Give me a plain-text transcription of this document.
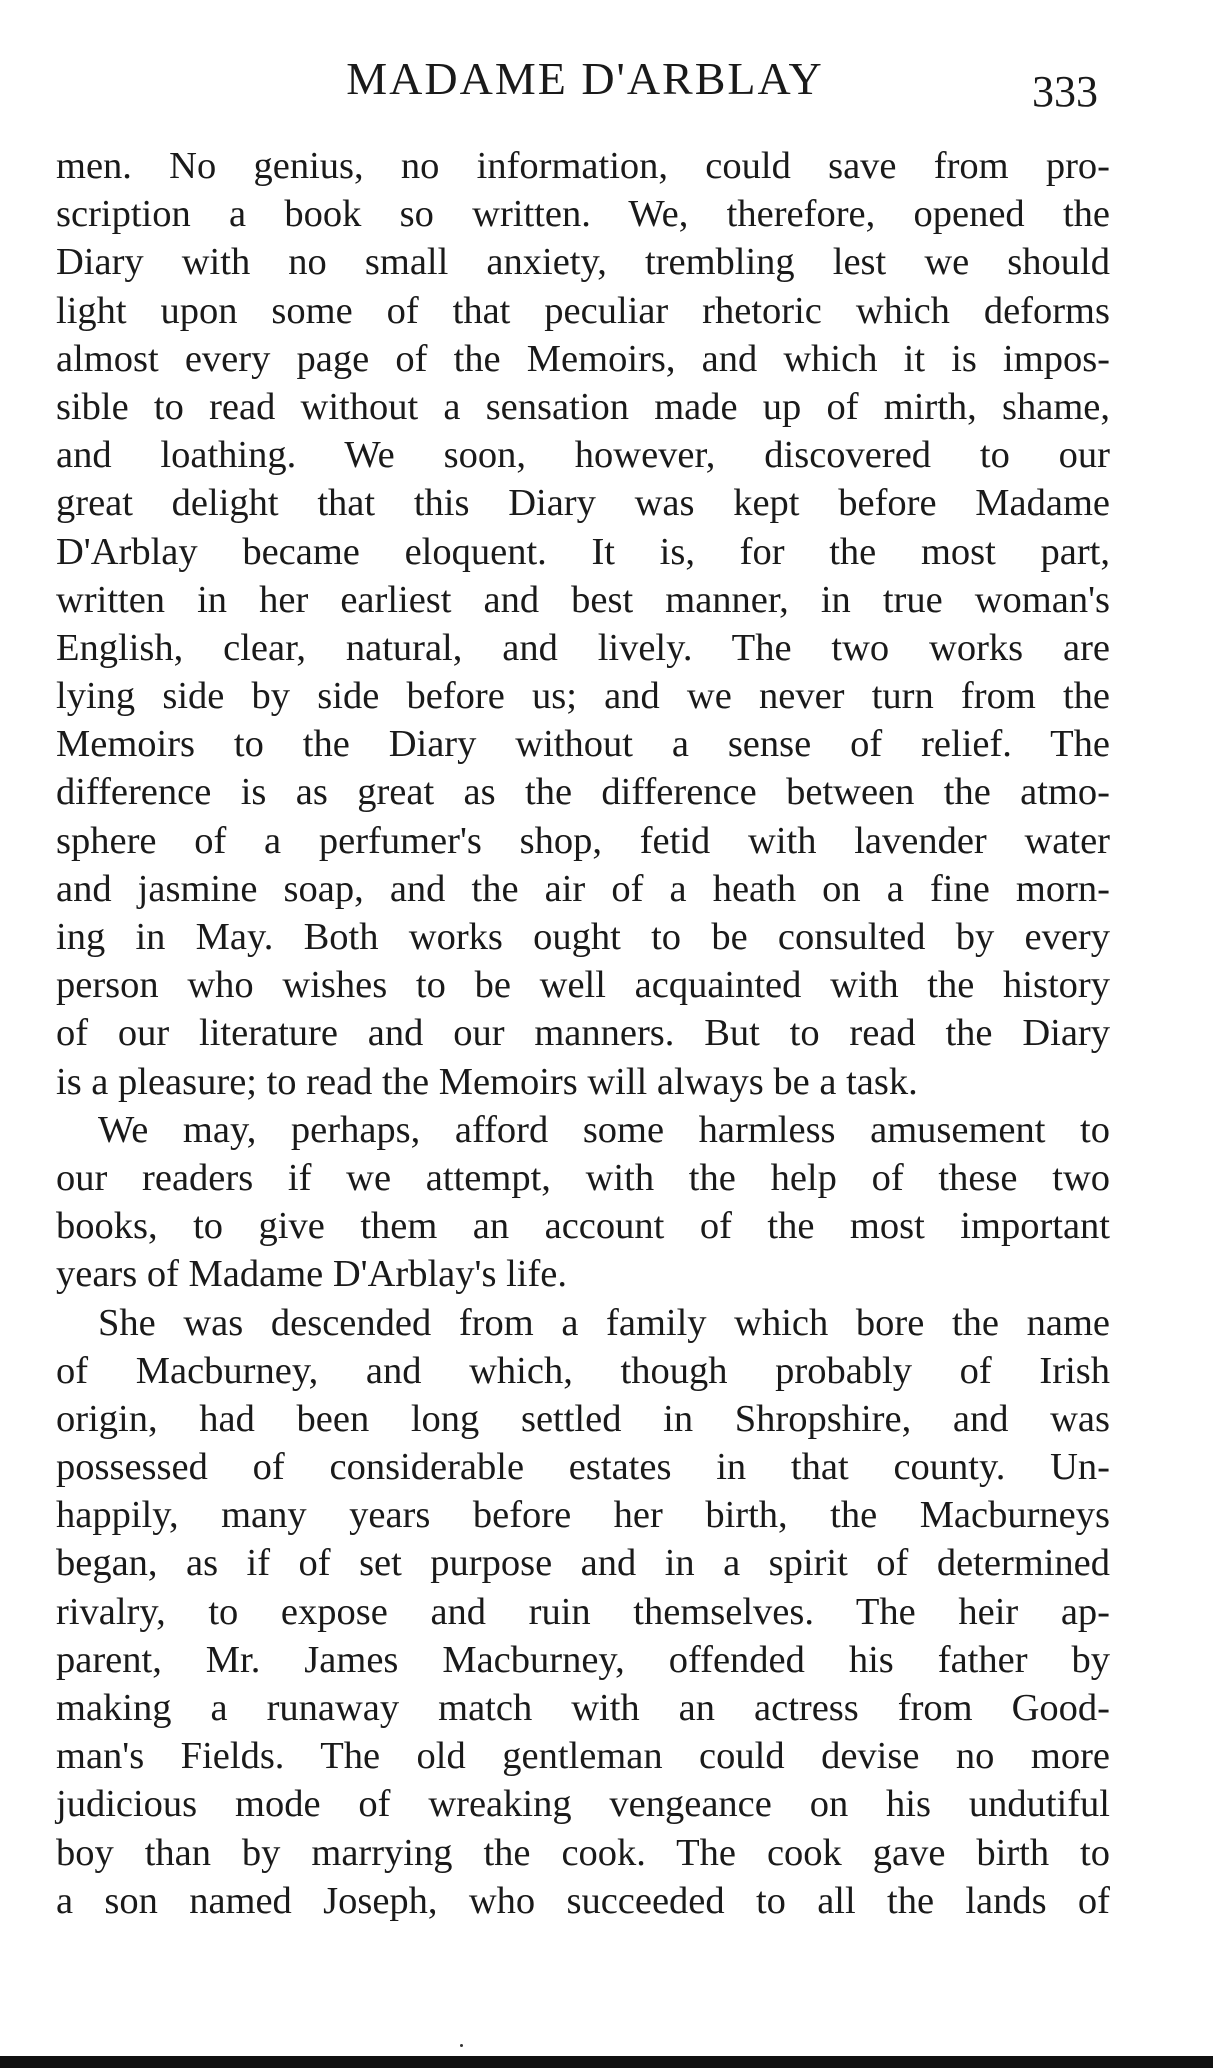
MADAME D'ARBLAY	333
men. No genius, no information, could save from pro-
scription a book so written. We, therefore, opened the
Diary with no small anxiety, trembling lest we should
light upon some of that peculiar rhetoric which deforms
almost every page of the Memoirs, and which it is impos-
sible to read without a sensation made up of mirth, shame,
and loathing. We soon, however, discovered to our
great delight that this Diary was kept before Madame
D'Arblay became eloquent. It is, for the most part,
written in her earliest and best manner, in true woman's
English, clear, natural, and lively. The two works are
lying side by side before us; and we never turn from the
Memoirs to the Diary without a sense of relief. The
difference is as great as the difference between the atmo-
sphere of a perfumer's shop, fetid with lavender water
and jasmine soap, and the air of a heath on a fine morn-
ing in May. Both works ought to be consulted by every
person who wishes to be well acquainted with the history
of our literature and our manners. But to read the Diary
is a pleasure; to read the Memoirs will always be a task.
We may, perhaps, afford some harmless amusement to
our readers if we attempt, with the help of these two
books, to give them an account of the most important
years of Madame D'Arblay's life.
She was descended from a family which bore the name
of Macburney, and which, though probably of Irish
origin, had been long settled in Shropshire, and was
possessed of considerable estates in that county. Un-
happily, many years before her birth, the Macburneys
began, as if of set purpose and in a spirit of determined
rivalry, to expose and ruin themselves. The heir ap-
parent, Mr. James Macburney, offended his father by
making a runaway match with an actress from Good-
man's Fields. The old gentleman could devise no more
judicious mode of wreaking vengeance on his undutiful
boy than by marrying the cook. The cook gave birth to
a son named Joseph, who succeeded to all the lands of
